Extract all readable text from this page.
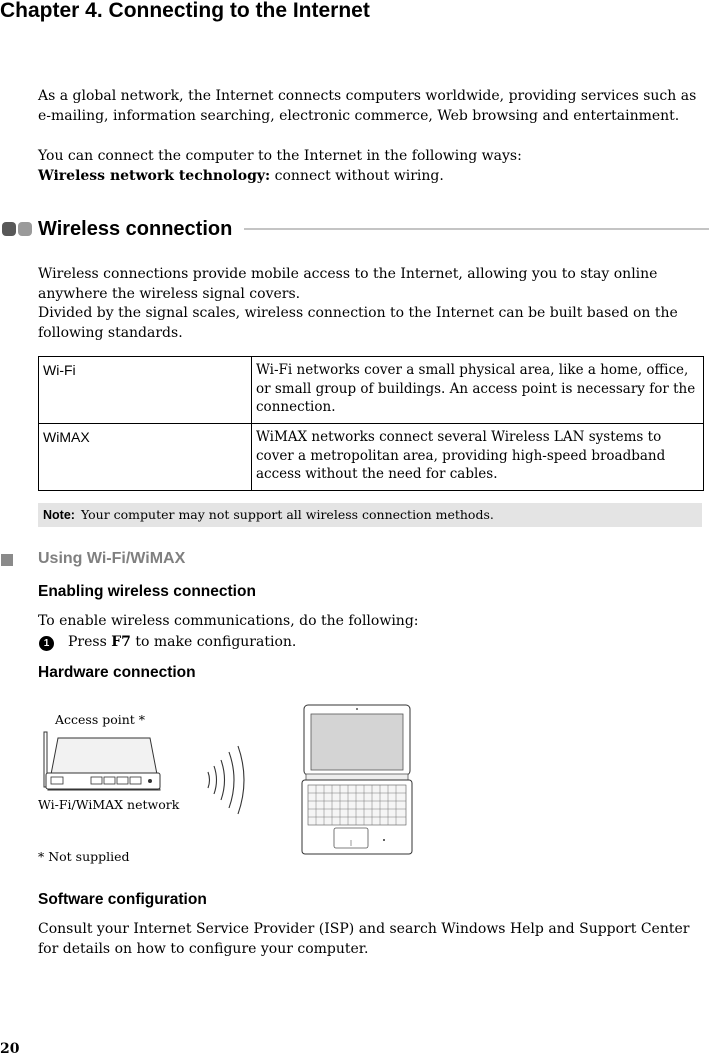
Chapter 4. Connecting to the Internet
As a global network, the Internet connects computers worldwide, providing services such as e-mailing, information searching, electronic commerce, Web browsing and entertainment.
You can connect the computer to the Internet in the following ways:
Wireless network technology: connect without wiring.
Wireless connection
Wireless connections provide mobile access to the Internet, allowing you to stay online anywhere the wireless signal covers.
Divided by the signal scales, wireless connection to the Internet can be built based on the following standards.
Wi-Fi	Wi-Fi networks cover a small physical area, like a home, office, or small group of buildings. An access point is necessary for the connection.
WiMAX	WiMAX networks connect several Wireless LAN systems to cover a metropolitan area, providing high-speed broadband access without the need for cables.
Note: Your computer may not support all wireless connection methods.
Using Wi-Fi/WiMAX
Enabling wireless connection
To enable wireless communications, do the following:
1 Press F7 to make configuration.
Hardware connection
Access point *
Wi-Fi/WiMAX network
* Not supplied
Software configuration
Consult your Internet Service Provider (ISP) and search Windows Help and Support Center for details on how to configure your computer.
20
